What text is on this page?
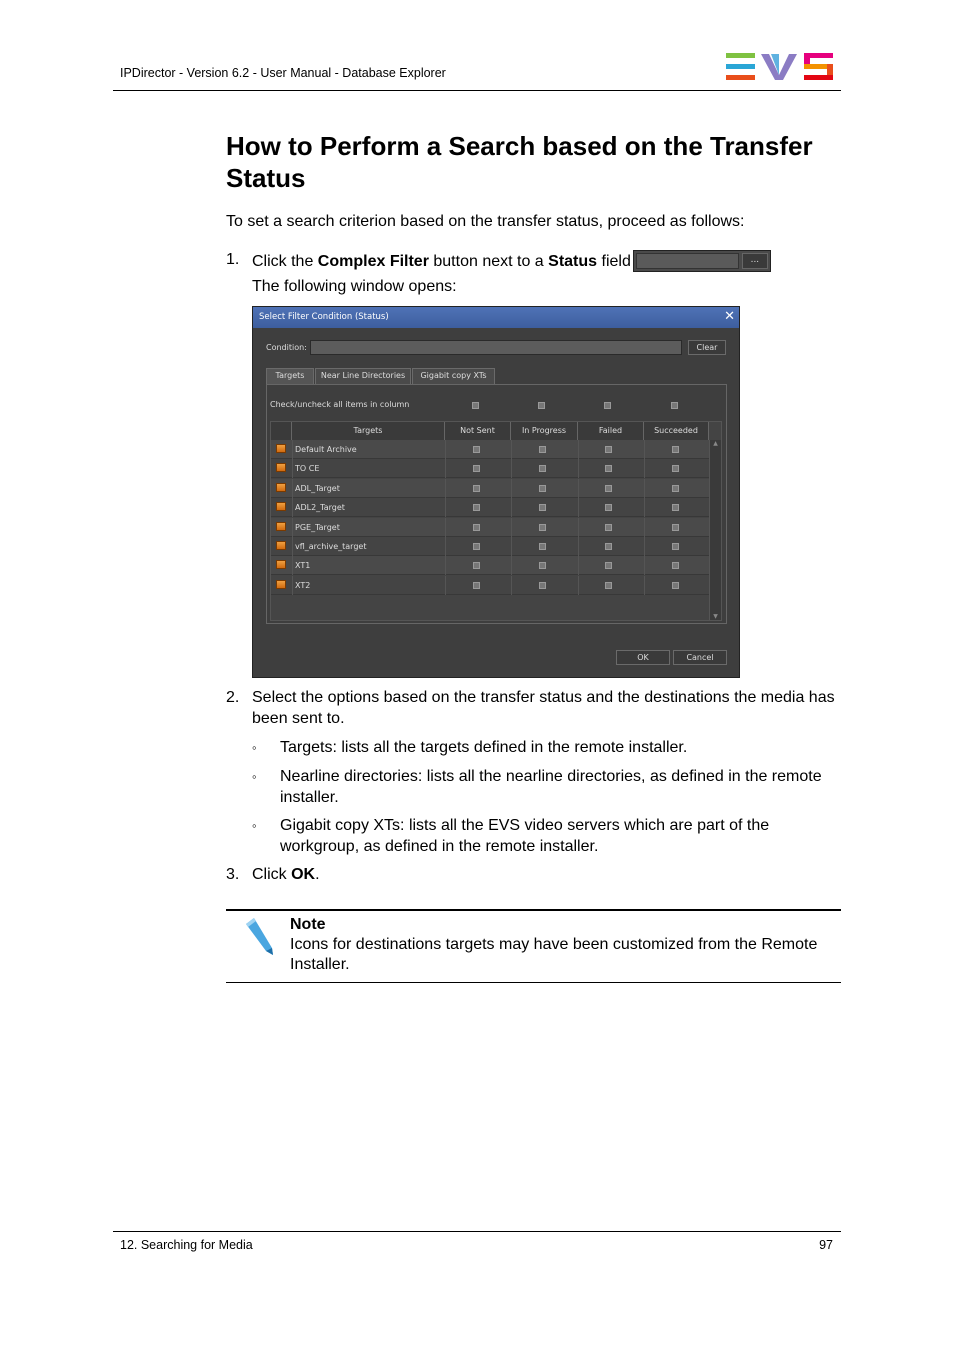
IPDirector - Version 6.2 - User Manual - Database Explorer
How to Perform a Search based on the Transfer Status
To set a search criterion based on the transfer status, proceed as follows:
1. Click the Complex Filter button next to a Status field	...
The following window opens:
Select Filter Condition (Status)	✕
Condition:	Clear
Targets	Near Line Directories	Gigabit copy XTs
Check/uncheck all items in column
Targets	Not Sent	In Progress	Failed	Succeeded
Default Archive
TO CE
ADL_Target
ADL2_Target
PGE_Target
vfl_archive_target
XT1
XT2
▲
▼
OK	Cancel
2. Select the options based on the transfer status and the destinations the media has been sent to.
◦ Targets: lists all the targets defined in the remote installer.
◦ Nearline directories: lists all the nearline directories, as defined in the remote installer.
◦ Gigabit copy XTs: lists all the EVS video servers which are part of the workgroup, as defined in the remote installer.
3. Click OK.
Note
Icons for destinations targets may have been customized from the Remote Installer.
12. Searching for Media	97
